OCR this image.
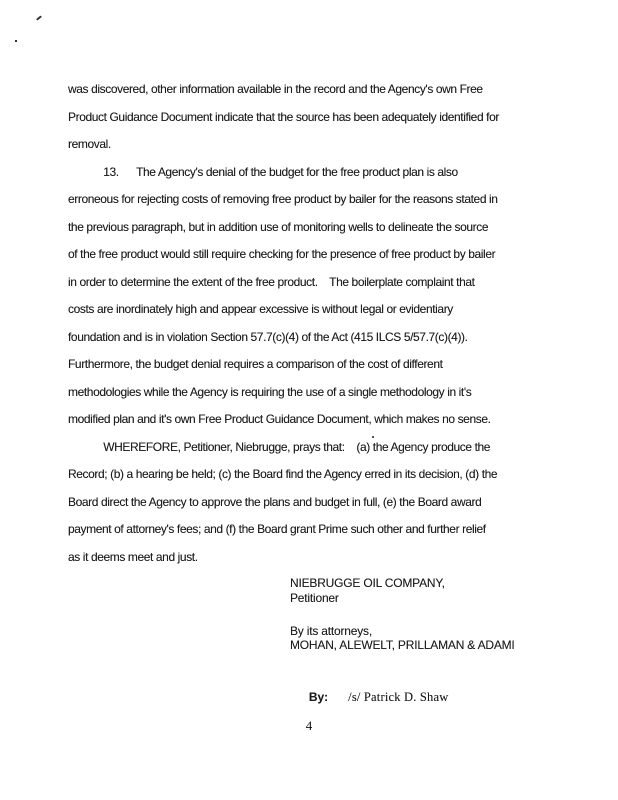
was discovered, other information available in the record and the Agency's own Free
Product Guidance Document indicate that the source has been adequately identified for
removal.
13.      The Agency's denial of the budget for the free product plan is also
erroneous for rejecting costs of removing free product by bailer for the reasons stated in
the previous paragraph, but in addition use of monitoring wells to delineate the source
of the free product would still require checking for the presence of free product by bailer
in order to determine the extent of the free product.    The boilerplate complaint that
costs are inordinately high and appear excessive is without legal or evidentiary
foundation and is in violation Section 57.7(c)(4) of the Act (415 ILCS 5/57.7(c)(4)).
Furthermore, the budget denial requires a comparison of the cost of different
methodologies while the Agency is requiring the use of a single methodology in it's
modified plan and it's own Free Product Guidance Document, which makes no sense.
WHEREFORE, Petitioner, Niebrugge, prays that:    (a) the Agency produce the
Record; (b) a hearing be held; (c) the Board find the Agency erred in its decision, (d) the
Board direct the Agency to approve the plans and budget in full, (e) the Board award
payment of attorney's fees; and (f) the Board grant Prime such other and further relief
as it deems meet and just.
NIEBRUGGE OIL COMPANY,
Petitioner
By its attorneys,
MOHAN, ALEWELT, PRILLAMAN & ADAMI

By: /s/ Patrick D. Shaw

4
